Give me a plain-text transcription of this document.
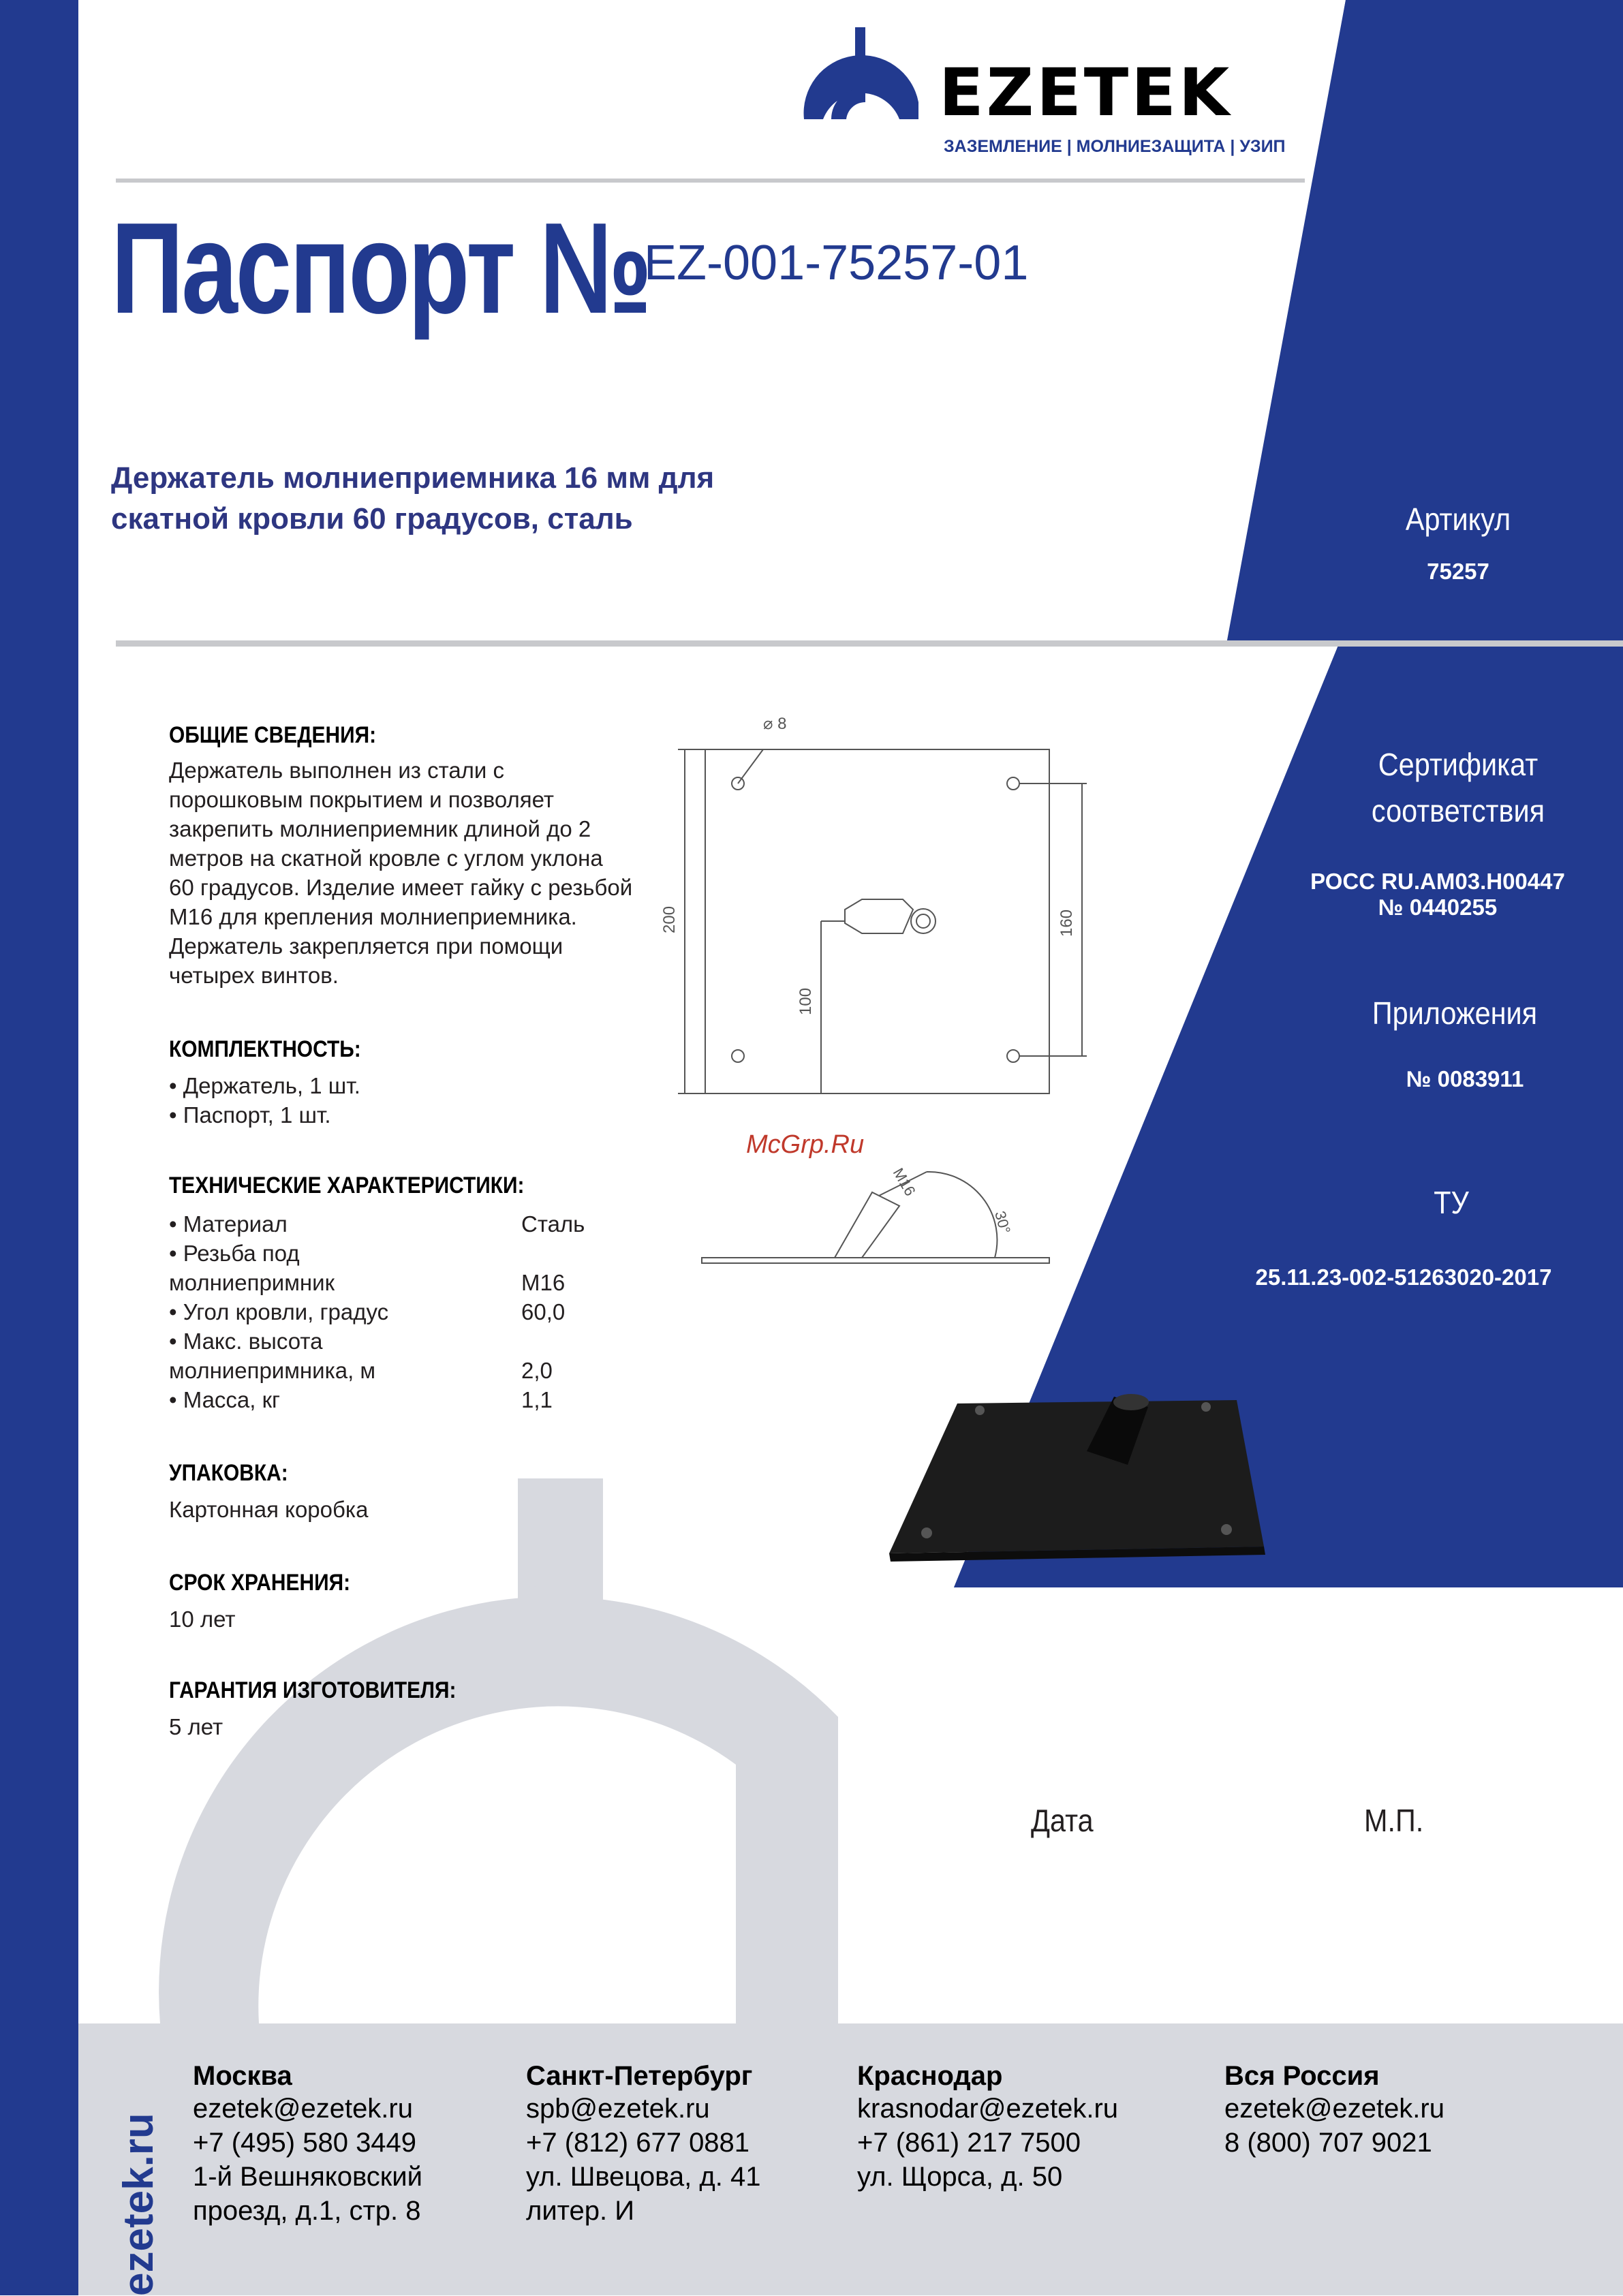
EZETEK
ЗАЗЕМЛЕНИЕ | МОЛНИЕЗАЩИТА | УЗИП
Паспорт №
EZ-001-75257-01
Держатель молниеприемника 16 мм для
скатной кровли 60 градусов, сталь	Артикул
75257
Сертификат
соответствия
РОСС RU.AM03.H00447
№ 0440255
Приложения
№ 0083911
ТУ
25.11.23-002-51263020-2017
ОБЩИЕ СВЕДЕНИЯ:
Держатель выполнен из стали с
порошковым покрытием и позволяет
закрепить молниеприемник длиной до 2
метров на скатной кровле с углом уклона
60 градусов. Изделие имеет гайку с резьбой
М16 для крепления молниеприемника.
Держатель закрепляется при помощи
четырех винтов.
КОМПЛЕКТНОСТЬ:
• Держатель, 1 шт.
• Паспорт, 1 шт.
ТЕХНИЧЕСКИЕ ХАРАКТЕРИСТИКИ:
• Материал	Сталь
• Резьба под	
молниепримник	М16
• Угол кровли, градус	60,0
• Макс. высота	
молниепримника, м	2,0
• Масса, кг	1,1
УПАКОВКА:
Картонная коробка
СРОК ХРАНЕНИЯ:
10 лет
ГАРАНТИЯ ИЗГОТОВИТЕЛЯ:
5 лет
200	160
100
⌀ 8
M16
30°
McGrp.Ru
Дата	М.П.
ezetek.ru
Москва
ezetek@ezetek.ru
+7 (495) 580 3449
1-й Вешняковский
проезд, д.1, стр. 8
Санкт-Петербург
spb@ezetek.ru
+7 (812) 677 0881
ул. Швецова, д. 41
литер. И
Краснодар
krasnodar@ezetek.ru
+7 (861) 217 7500
ул. Щорса, д. 50
Вся Россия
ezetek@ezetek.ru
8 (800) 707 9021
